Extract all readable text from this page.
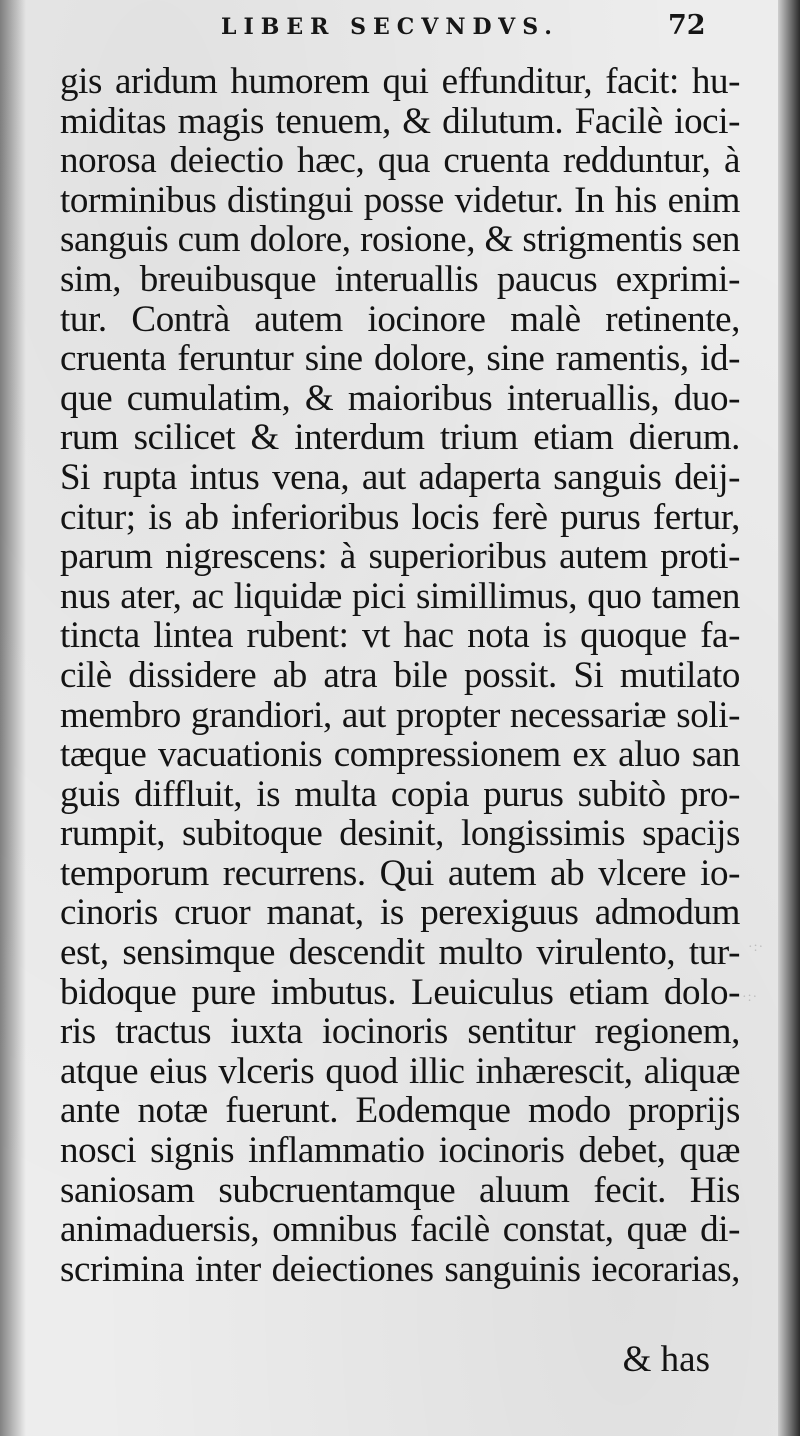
LIBER SECVNDVS.	72
gis aridum humorem qui effunditur, facit: hu-
miditas magis tenuem, & dilutum. Facilè ioci-
norosa deiectio hæc, qua cruenta redduntur, à
torminibus distingui posse videtur. In his enim
sanguis cum dolore, rosione, & strigmentis sen
sim, breuibusque interuallis paucus exprimi-
tur. Contrà autem iocinore malè retinente,
cruenta feruntur sine dolore, sine ramentis, id-
que cumulatim, & maioribus interuallis, duo-
rum scilicet & interdum trium etiam dierum.
Si rupta intus vena, aut adaperta sanguis deij-
citur; is ab inferioribus locis ferè purus fertur,
parum nigrescens: à superioribus autem proti-
nus ater, ac liquidæ pici simillimus, quo tamen
tincta lintea rubent: vt hac nota is quoque fa-
cilè dissidere ab atra bile possit. Si mutilato
membro grandiori, aut propter necessariæ soli-
tæque vacuationis compressionem ex aluo san
guis diffluit, is multa copia purus subitò pro-
rumpit, subitoque desinit, longissimis spacijs
temporum recurrens. Qui autem ab vlcere io-
cinoris cruor manat, is perexiguus admodum
est, sensimque descendit multo virulento, tur-
bidoque pure imbutus. Leuiculus etiam dolo-
ris tractus iuxta iocinoris sentitur regionem,
atque eius vlceris quod illic inhærescit, aliquæ
ante notæ fuerunt. Eodemque modo proprijs
nosci signis inflammatio iocinoris debet, quæ
saniosam subcruentamque aluum fecit. His
animaduersis, omnibus facilè constat, quæ di-
scrimina inter deiectiones sanguinis iecorarias,
& has
·:·
·:·
